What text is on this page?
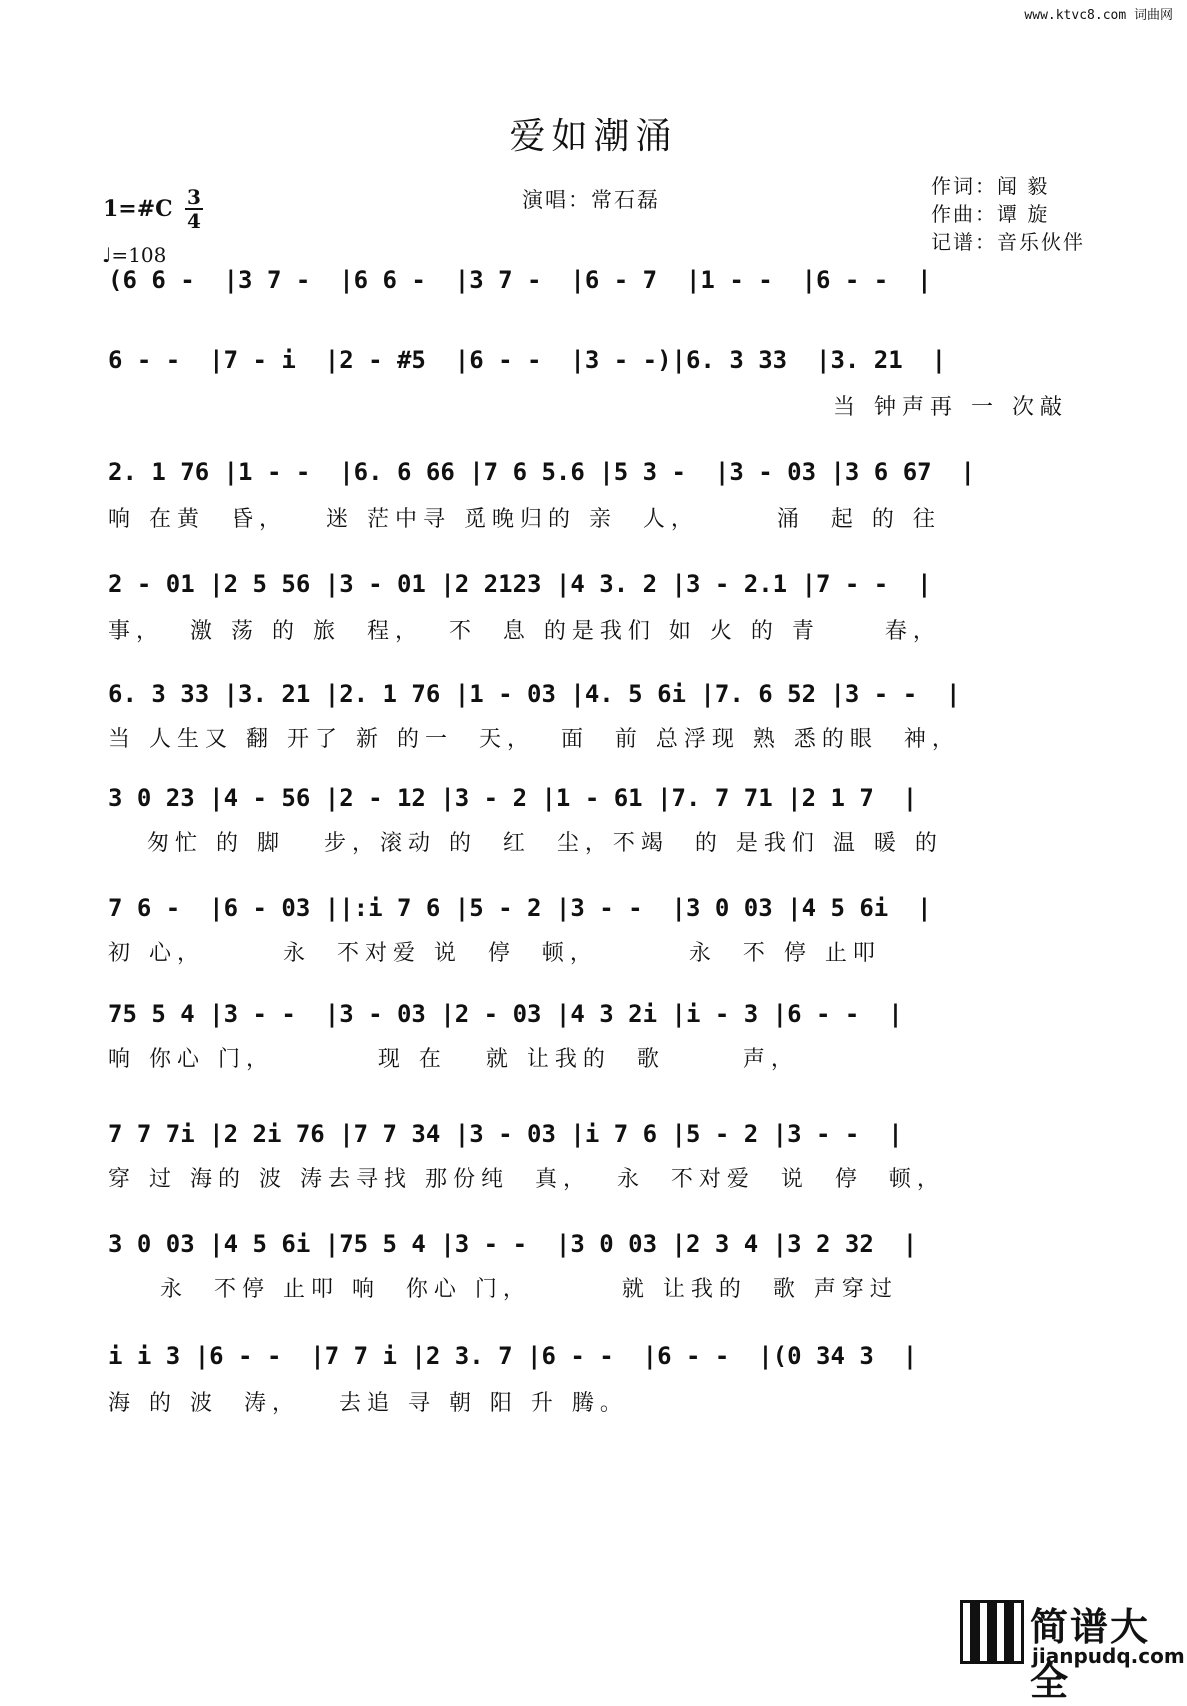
www.ktvc8.com 词曲网
爱如潮涌
1=#C 3
4
♩=108
演唱：常石磊
作词：闻 毅
作曲：谭 旋
记谱：音乐伙伴
(6 6 -  |3 7 -  |6 6 -  |3 7 -  |6 - 7  |1 - -  |6 - -  |
6 - -  |7 - i  |2 - #5  |6 - -  |3 - -)|6. 3 33  |3. 21  |
当 钟声再 一 次敲
2. 1 76 |1 - -  |6. 6 66 |7 6 5.6 |5 3 -  |3 - 03 |3 6 67  |
响 在黄  昏，   迷 茫中寻 觅晚归的 亲  人，      涌  起 的 往
2 - 01 |2 5 56 |3 - 01 |2 2123 |4 3. 2 |3 - 2.1 |7 - -  |
事，  激 荡 的 旅  程，  不  息 的是我们 如 火 的 青     春，
6. 3 33 |3. 21 |2. 1 76 |1 - 03 |4. 5 6i |7. 6 52 |3 - -  |
当 人生又 翻 开了 新 的一  天，  面  前 总浮现 熟 悉的眼  神，
3 0 23 |4 - 56 |2 - 12 |3 - 2 |1 - 61 |7. 7 71 |2 1 7  |
匆忙 的 脚   步，滚动 的  红  尘，不竭  的 是我们 温 暖 的
7 6 -  |6 - 03 ||:i 7 6 |5 - 2 |3 - -  |3 0 03 |4 5 6i  |
初 心，      永  不对爱 说  停  顿，       永  不 停 止叩
75 5 4 |3 - -  |3 - 03 |2 - 03 |4 3 2i |i - 3 |6 - -  |
响 你心 门，        现 在   就 让我的  歌      声，
7 7 7i |2 2i 76 |7 7 34 |3 - 03 |i 7 6 |5 - 2 |3 - -  |
穿 过 海的 波 涛去寻找 那份纯  真，  永  不对爱  说  停  顿，
3 0 03 |4 5 6i |75 5 4 |3 - -  |3 0 03 |2 3 4 |3 2 32  |
永  不停 止叩 响  你心 门，       就 让我的  歌 声穿过
i i 3 |6 - -  |7 7 i |2 3. 7 |6 - -  |6 - -  |(0 34 3  |
海 的 波  涛，   去追 寻 朝 阳 升 腾。
简谱大全
jianpudq.com
